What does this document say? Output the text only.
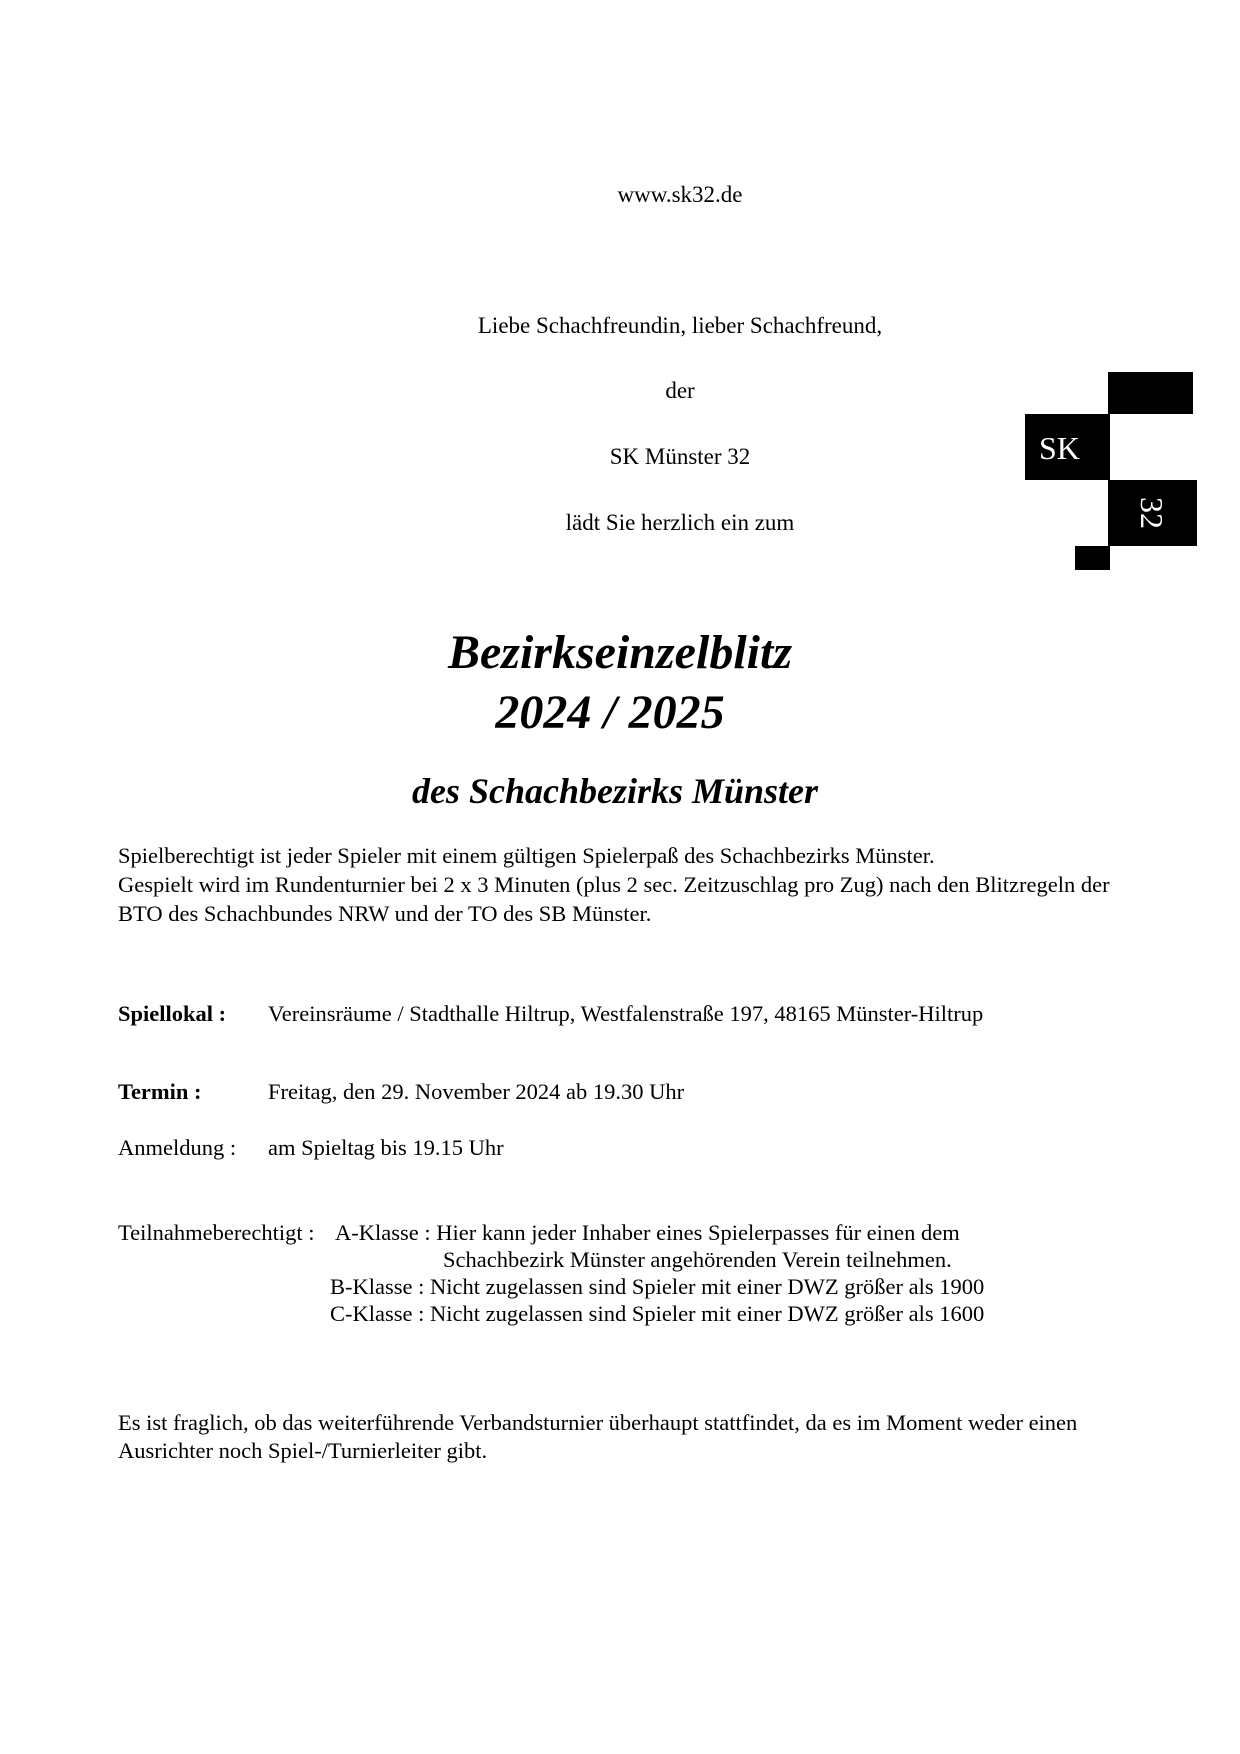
www.sk32.de
Liebe Schachfreundin, lieber Schachfreund,
der
SK Münster 32
lädt Sie herzlich ein zum
SK
32
Bezirkseinzelblitz
2024 / 2025
des Schachbezirks Münster
Spielberechtigt ist jeder Spieler mit einem gültigen Spielerpaß des Schachbezirks Münster.
Gespielt wird im Rundenturnier bei 2 x 3 Minuten (plus 2 sec. Zeitzuschlag pro Zug) nach den Blitzregeln der
BTO des Schachbundes NRW und der TO des SB Münster.
Spiellokal : Vereinsräume / Stadthalle Hiltrup, Westfalenstraße 197, 48165 Münster-Hiltrup
Termin :	Freitag, den 29. November 2024 ab 19.30 Uhr
Anmeldung : am Spieltag bis 19.15 Uhr
Teilnahmeberechtigt : A-Klasse : Hier kann jeder Inhaber eines Spielerpasses für einen dem
Schachbezirk Münster angehörenden Verein teilnehmen.
B-Klasse : Nicht zugelassen sind Spieler mit einer DWZ größer als 1900
C-Klasse : Nicht zugelassen sind Spieler mit einer DWZ größer als 1600
Es ist fraglich, ob das weiterführende Verbandsturnier überhaupt stattfindet, da es im Moment weder einen
Ausrichter noch Spiel-/Turnierleiter gibt.
